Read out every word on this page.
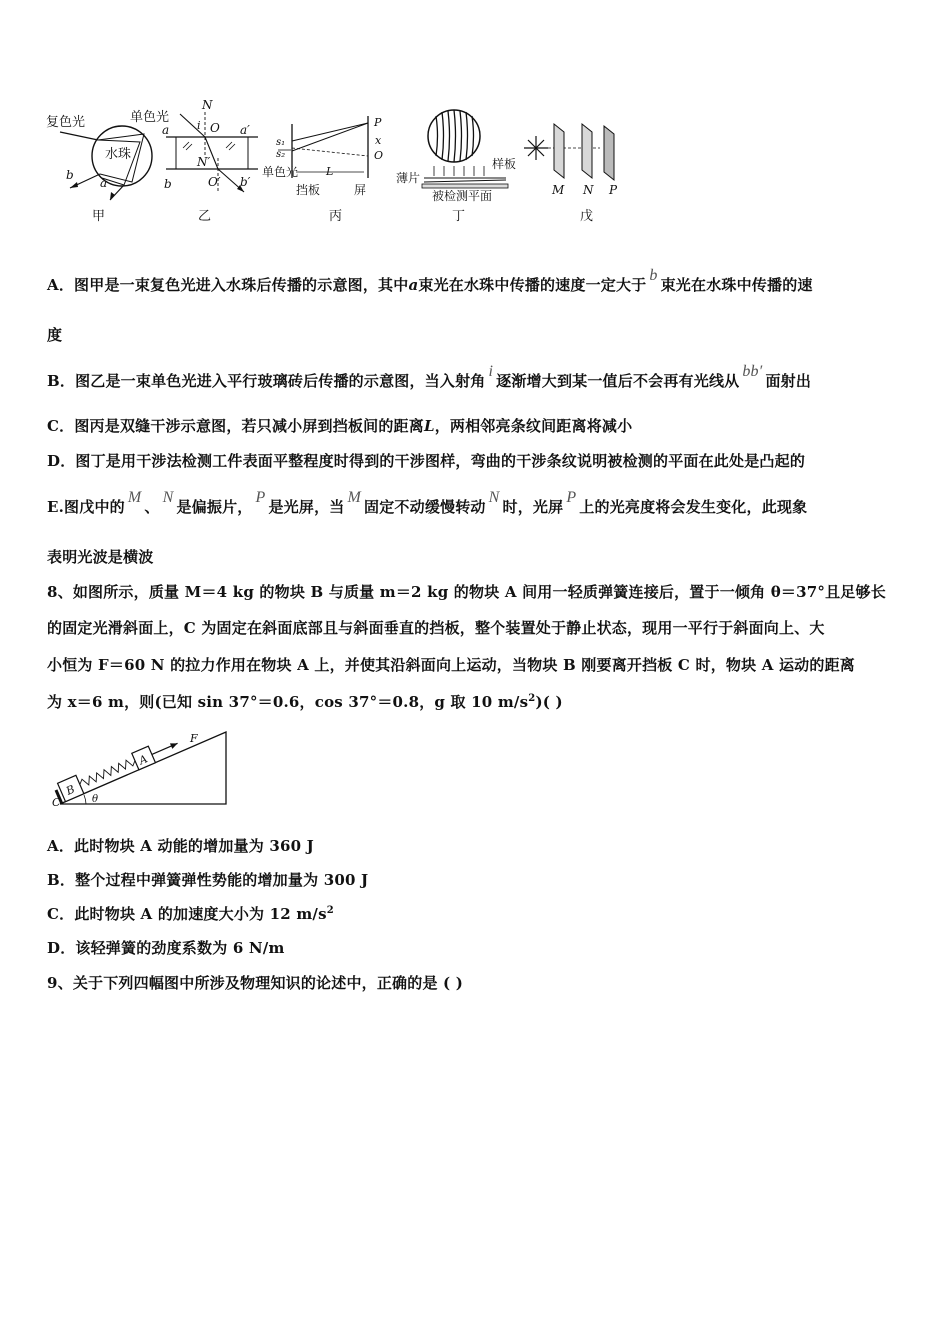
复色光
水珠
b
a
甲
单色光
N
i O
a	a′
N′
b	O′ b′
乙
P
x
O
s₁
s₂
L
单色光
挡板	屏
丙
薄片
样板
被检测平面
丁
M N P
戊
A．图甲是一束复色光进入水珠后传播的示意图，其中a束光在水珠中传播的速度一定大于b束光在水珠中传播的速
度
B．图乙是一束单色光进入平行玻璃砖后传播的示意图，当入射角i逐渐增大到某一值后不会再有光线从bb′面射出
C．图丙是双缝干涉示意图，若只减小屏到挡板间的距离L，两相邻亮条纹间距离将减小
D．图丁是用干涉法检测工件表面平整程度时得到的干涉图样，弯曲的干涉条纹说明被检测的平面在此处是凸起的
E.图戊中的M、N是偏振片，P是光屏，当M固定不动缓慢转动N时，光屏P上的光亮度将会发生变化，此现象
表明光波是横波
8、如图所示，质量 M＝4 kg 的物块 B 与质量 m＝2 kg 的物块 A 间用一轻质弹簧连接后，置于一倾角 θ＝37°且足够长
的固定光滑斜面上，C 为固定在斜面底部且与斜面垂直的挡板，整个装置处于静止状态，现用一平行于斜面向上、大
小恒为 F＝60 N 的拉力作用在物块 A 上，并使其沿斜面向上运动，当物块 B 刚要离开挡板 C 时，物块 A 运动的距离
为 x＝6 m，则(已知 sin 37°＝0.6，cos 37°＝0.8，g 取 10 $m/s^2$)( )
B
A
F
C	θ
A．此时物块 A 动能的增加量为 360 J
B．整个过程中弹簧弹性势能的增加量为 300 J
C．此时物块 A 的加速度大小为 12 $m/s^2$
D．该轻弹簧的劲度系数为 6 N/m
9、关于下列四幅图中所涉及物理知识的论述中，正确的是 ( )
